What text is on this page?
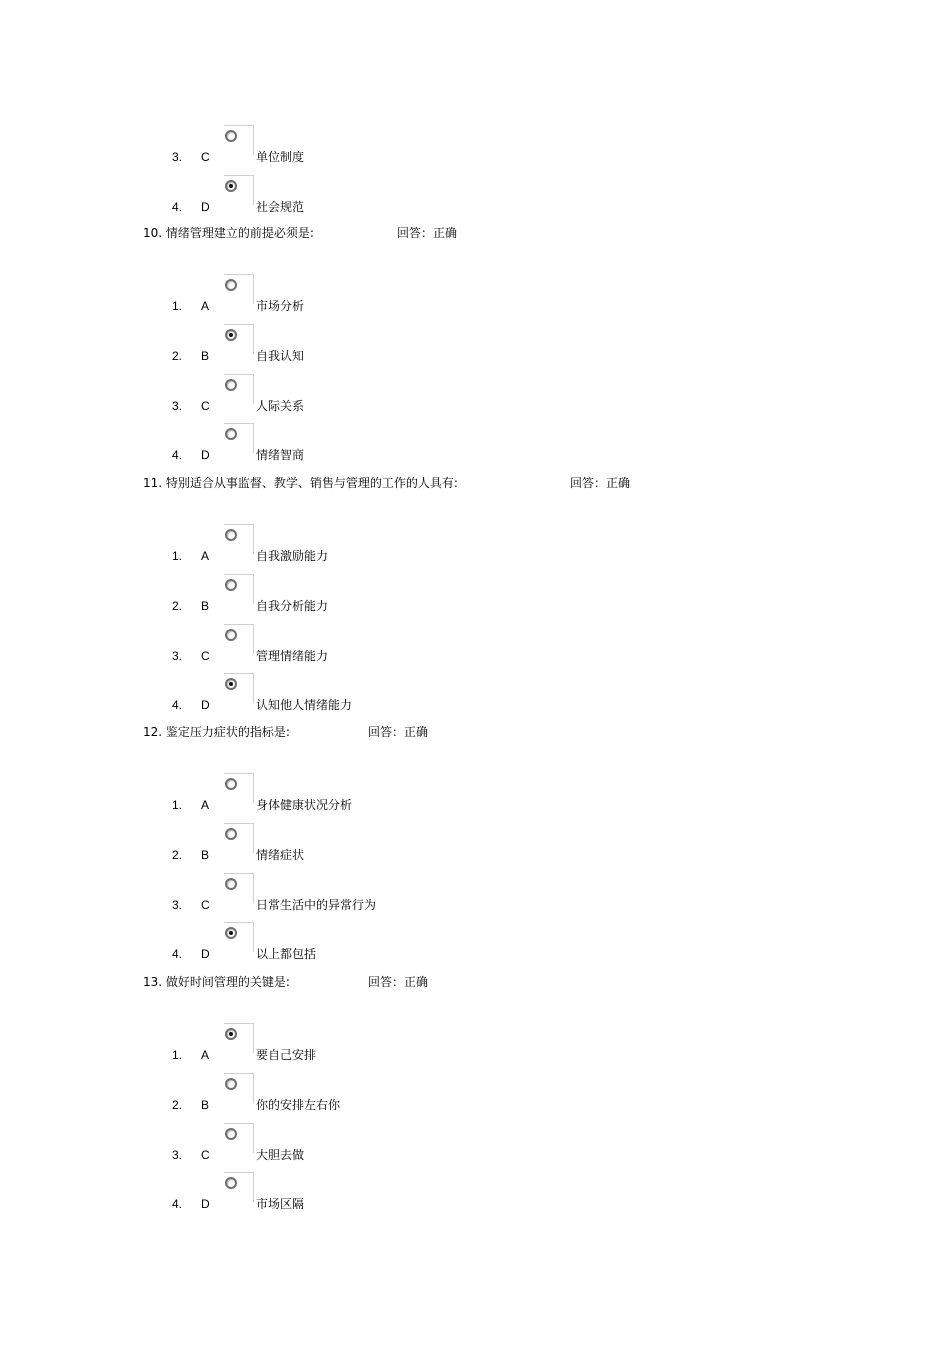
3. C	单位制度
4. D	社会规范
10. 情绪管理建立的前提必须是:	回答：正确
1. A	市场分析
2. B	自我认知
3. C	人际关系
4. D	情绪智商
11. 特别适合从事监督、教学、销售与管理的工作的人具有:	回答：正确
1. A	自我激励能力
2. B	自我分析能力
3. C	管理情绪能力
4. D	认知他人情绪能力
12. 鉴定压力症状的指标是:	回答：正确
1. A	身体健康状况分析
2. B	情绪症状
3. C	日常生活中的异常行为
4. D	以上都包括
13. 做好时间管理的关键是:	回答：正确
1. A	要自己安排
2. B	你的安排左右你
3. C	大胆去做
4. D	市场区隔
